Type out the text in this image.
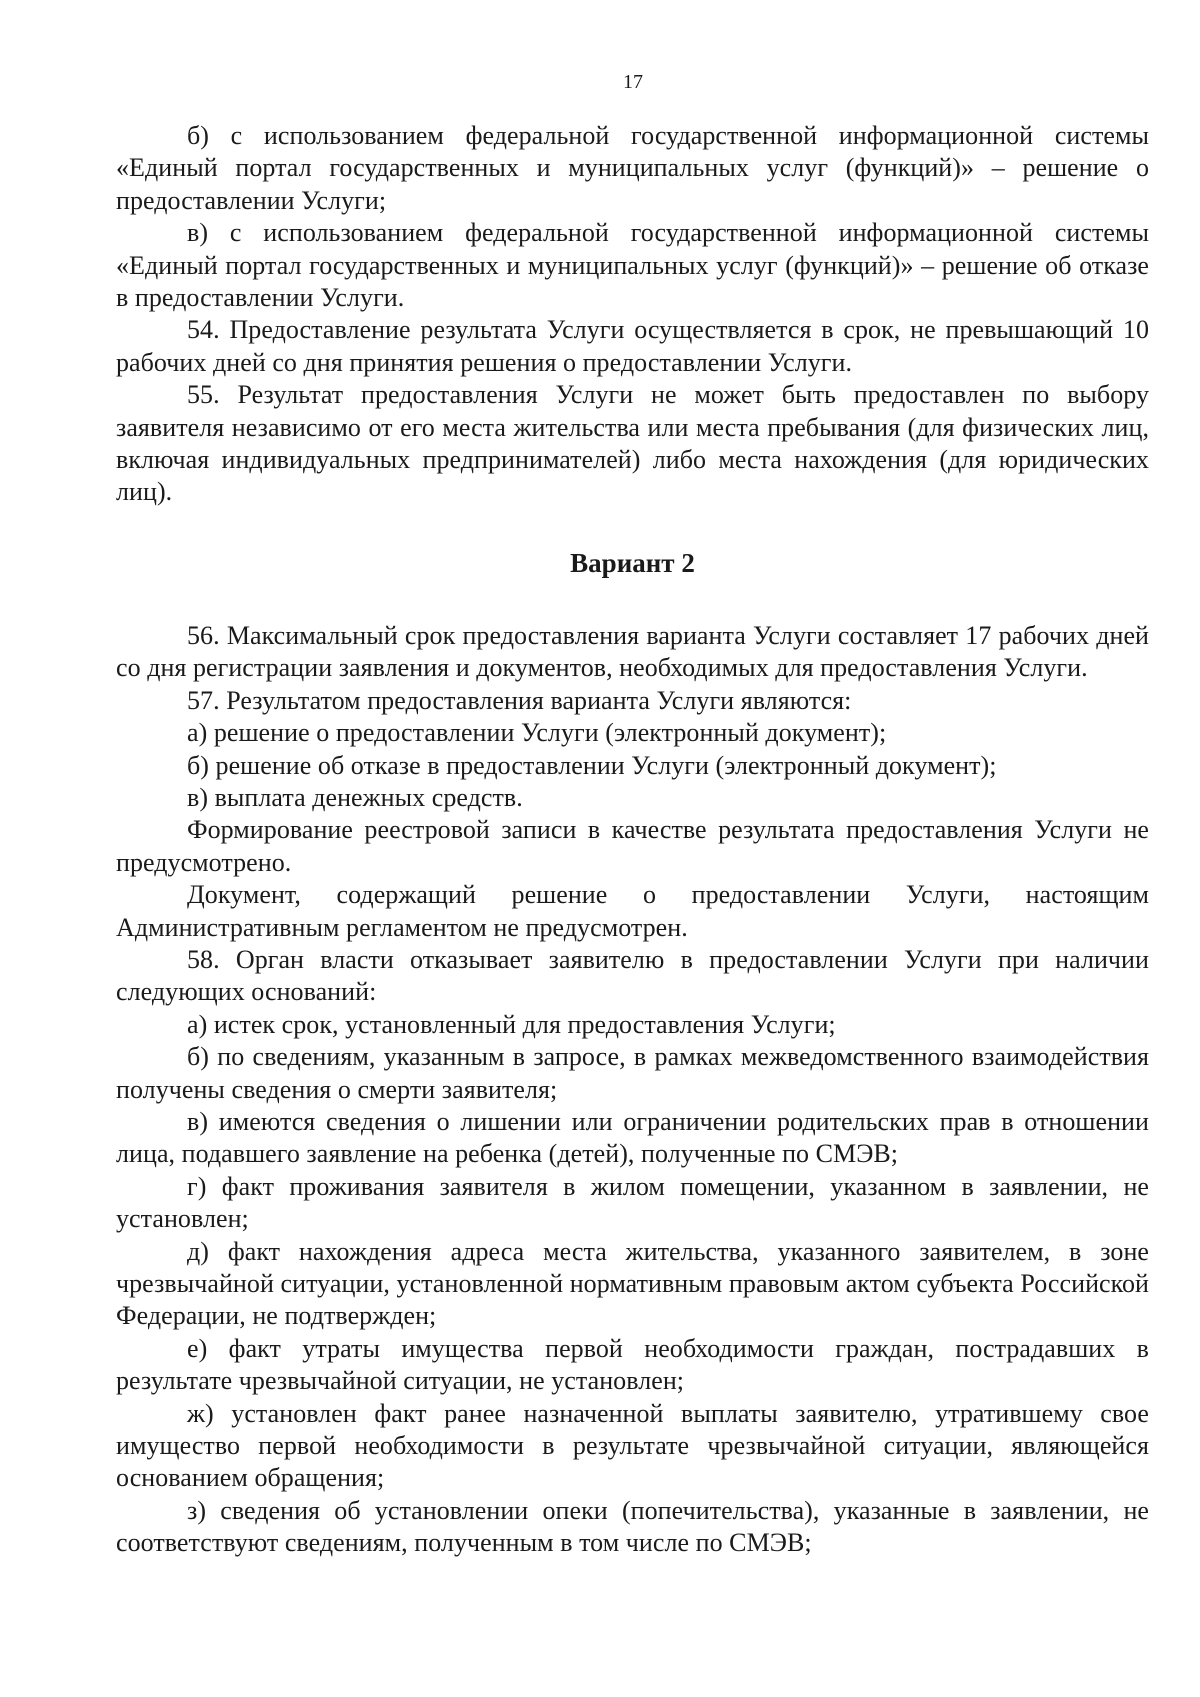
17

б) с использованием федеральной государственной информационной системы «Единый портал государственных и муниципальных услуг (функций)» – решение о предоставлении Услуги;

в) с использованием федеральной государственной информационной системы «Единый портал государственных и муниципальных услуг (функций)» – решение об отказе в предоставлении Услуги.

54. Предоставление результата Услуги осуществляется в срок, не превышающий 10 рабочих дней со дня принятия решения о предоставлении Услуги.

55. Результат предоставления Услуги не может быть предоставлен по выбору заявителя независимо от его места жительства или места пребывания (для физических лиц, включая индивидуальных предпринимателей) либо места нахождения (для юридических лиц).

Вариант 2

56. Максимальный срок предоставления варианта Услуги составляет 17 рабочих дней со дня регистрации заявления и документов, необходимых для предоставления Услуги.

57. Результатом предоставления варианта Услуги являются:

а) решение о предоставлении Услуги (электронный документ);

б) решение об отказе в предоставлении Услуги (электронный документ);

в) выплата денежных средств.

Формирование реестровой записи в качестве результата предоставления Услуги не предусмотрено.

Документ, содержащий решение о предоставлении Услуги, настоящим Административным регламентом не предусмотрен.

58. Орган власти отказывает заявителю в предоставлении Услуги при наличии следующих оснований:

а) истек срок, установленный для предоставления Услуги;

б) по сведениям, указанным в запросе, в рамках межведомственного взаимодействия получены сведения о смерти заявителя;

в) имеются сведения о лишении или ограничении родительских прав в отношении лица, подавшего заявление на ребенка (детей), полученные по СМЭВ;

г) факт проживания заявителя в жилом помещении, указанном в заявлении, не установлен;

д) факт нахождения адреса места жительства, указанного заявителем, в зоне чрезвычайной ситуации, установленной нормативным правовым актом субъекта Российской Федерации, не подтвержден;

е) факт утраты имущества первой необходимости граждан, пострадавших в результате чрезвычайной ситуации, не установлен;

ж) установлен факт ранее назначенной выплаты заявителю, утратившему свое имущество первой необходимости в результате чрезвычайной ситуации, являющейся основанием обращения;

з) сведения об установлении опеки (попечительства), указанные в заявлении, не соответствуют сведениям, полученным в том числе по СМЭВ;
